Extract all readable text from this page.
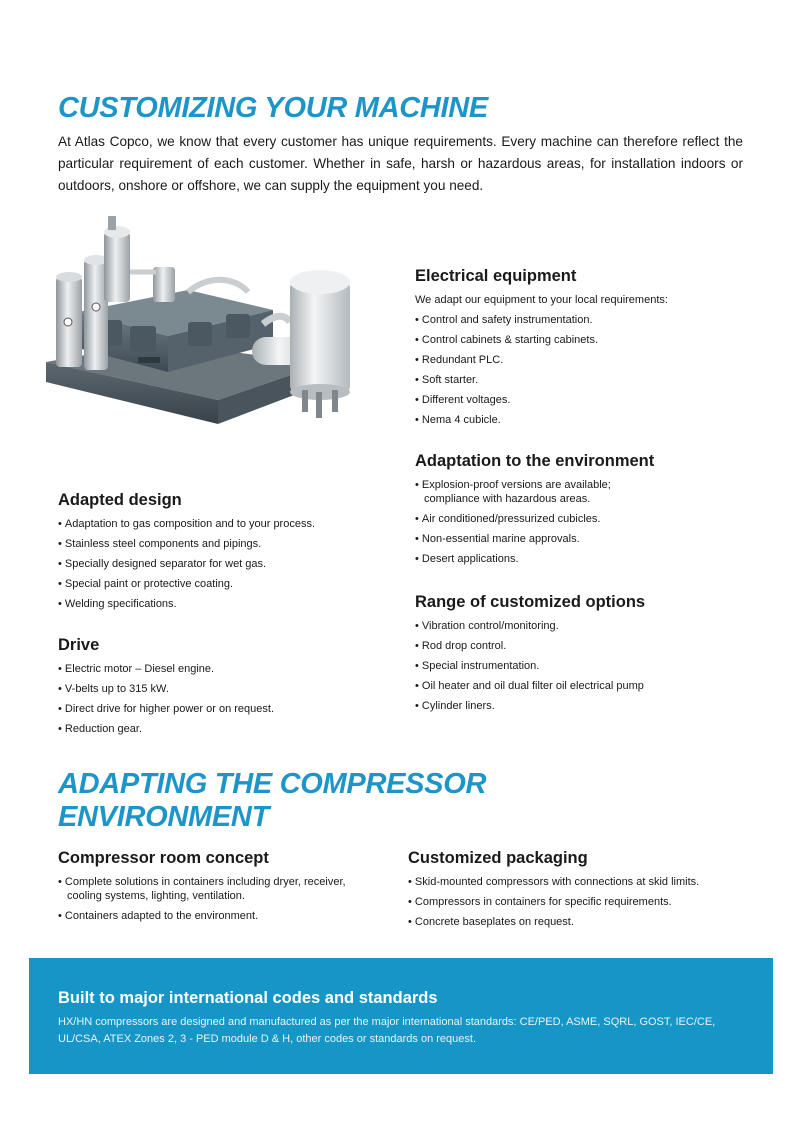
CUSTOMIZING YOUR MACHINE

At Atlas Copco, we know that every customer has unique requirements. Every machine can therefore reflect the particular requirement of each customer. Whether in safe, harsh or hazardous areas, for installation indoors or outdoors, onshore or offshore, we can supply the equipment you need.

Adapted design
• Adaptation to gas composition and to your process.
• Stainless steel components and pipings.
• Specially designed separator for wet gas.
• Special paint or protective coating.
• Welding specifications.
Drive
• Electric motor – Diesel engine.
• V-belts up to 315 kW.
• Direct drive for higher power or on request.
• Reduction gear.
Electrical equipment

We adapt our equipment to your local requirements:

• Control and safety instrumentation.
• Control cabinets & starting cabinets.
• Redundant PLC.
• Soft starter.
• Different voltages.
• Nema 4 cubicle.
Adaptation to the environment
• Explosion-proof versions are available; compliance with hazardous areas.
• Air conditioned/pressurized cubicles.
• Non-essential marine approvals.
• Desert applications.
Range of customized options
• Vibration control/monitoring.
• Rod drop control.
• Special instrumentation.
• Oil heater and oil dual filter oil electrical pump
• Cylinder liners.
ADAPTING THE COMPRESSOR
ENVIRONMENT
Compressor room concept
• Complete solutions in containers including dryer, receiver, cooling systems, lighting, ventilation.
• Containers adapted to the environment.
Customized packaging
• Skid-mounted compressors with connections at skid limits.
• Compressors in containers for specific requirements.
• Concrete baseplates on request.
Built to major international codes and standards

HX/HN compressors are designed and manufactured as per the major international standards: CE/PED, ASME, SQRL, GOST, IEC/CE, UL/CSA, ATEX Zones 2, 3 - PED module D & H, other codes or standards on request.
